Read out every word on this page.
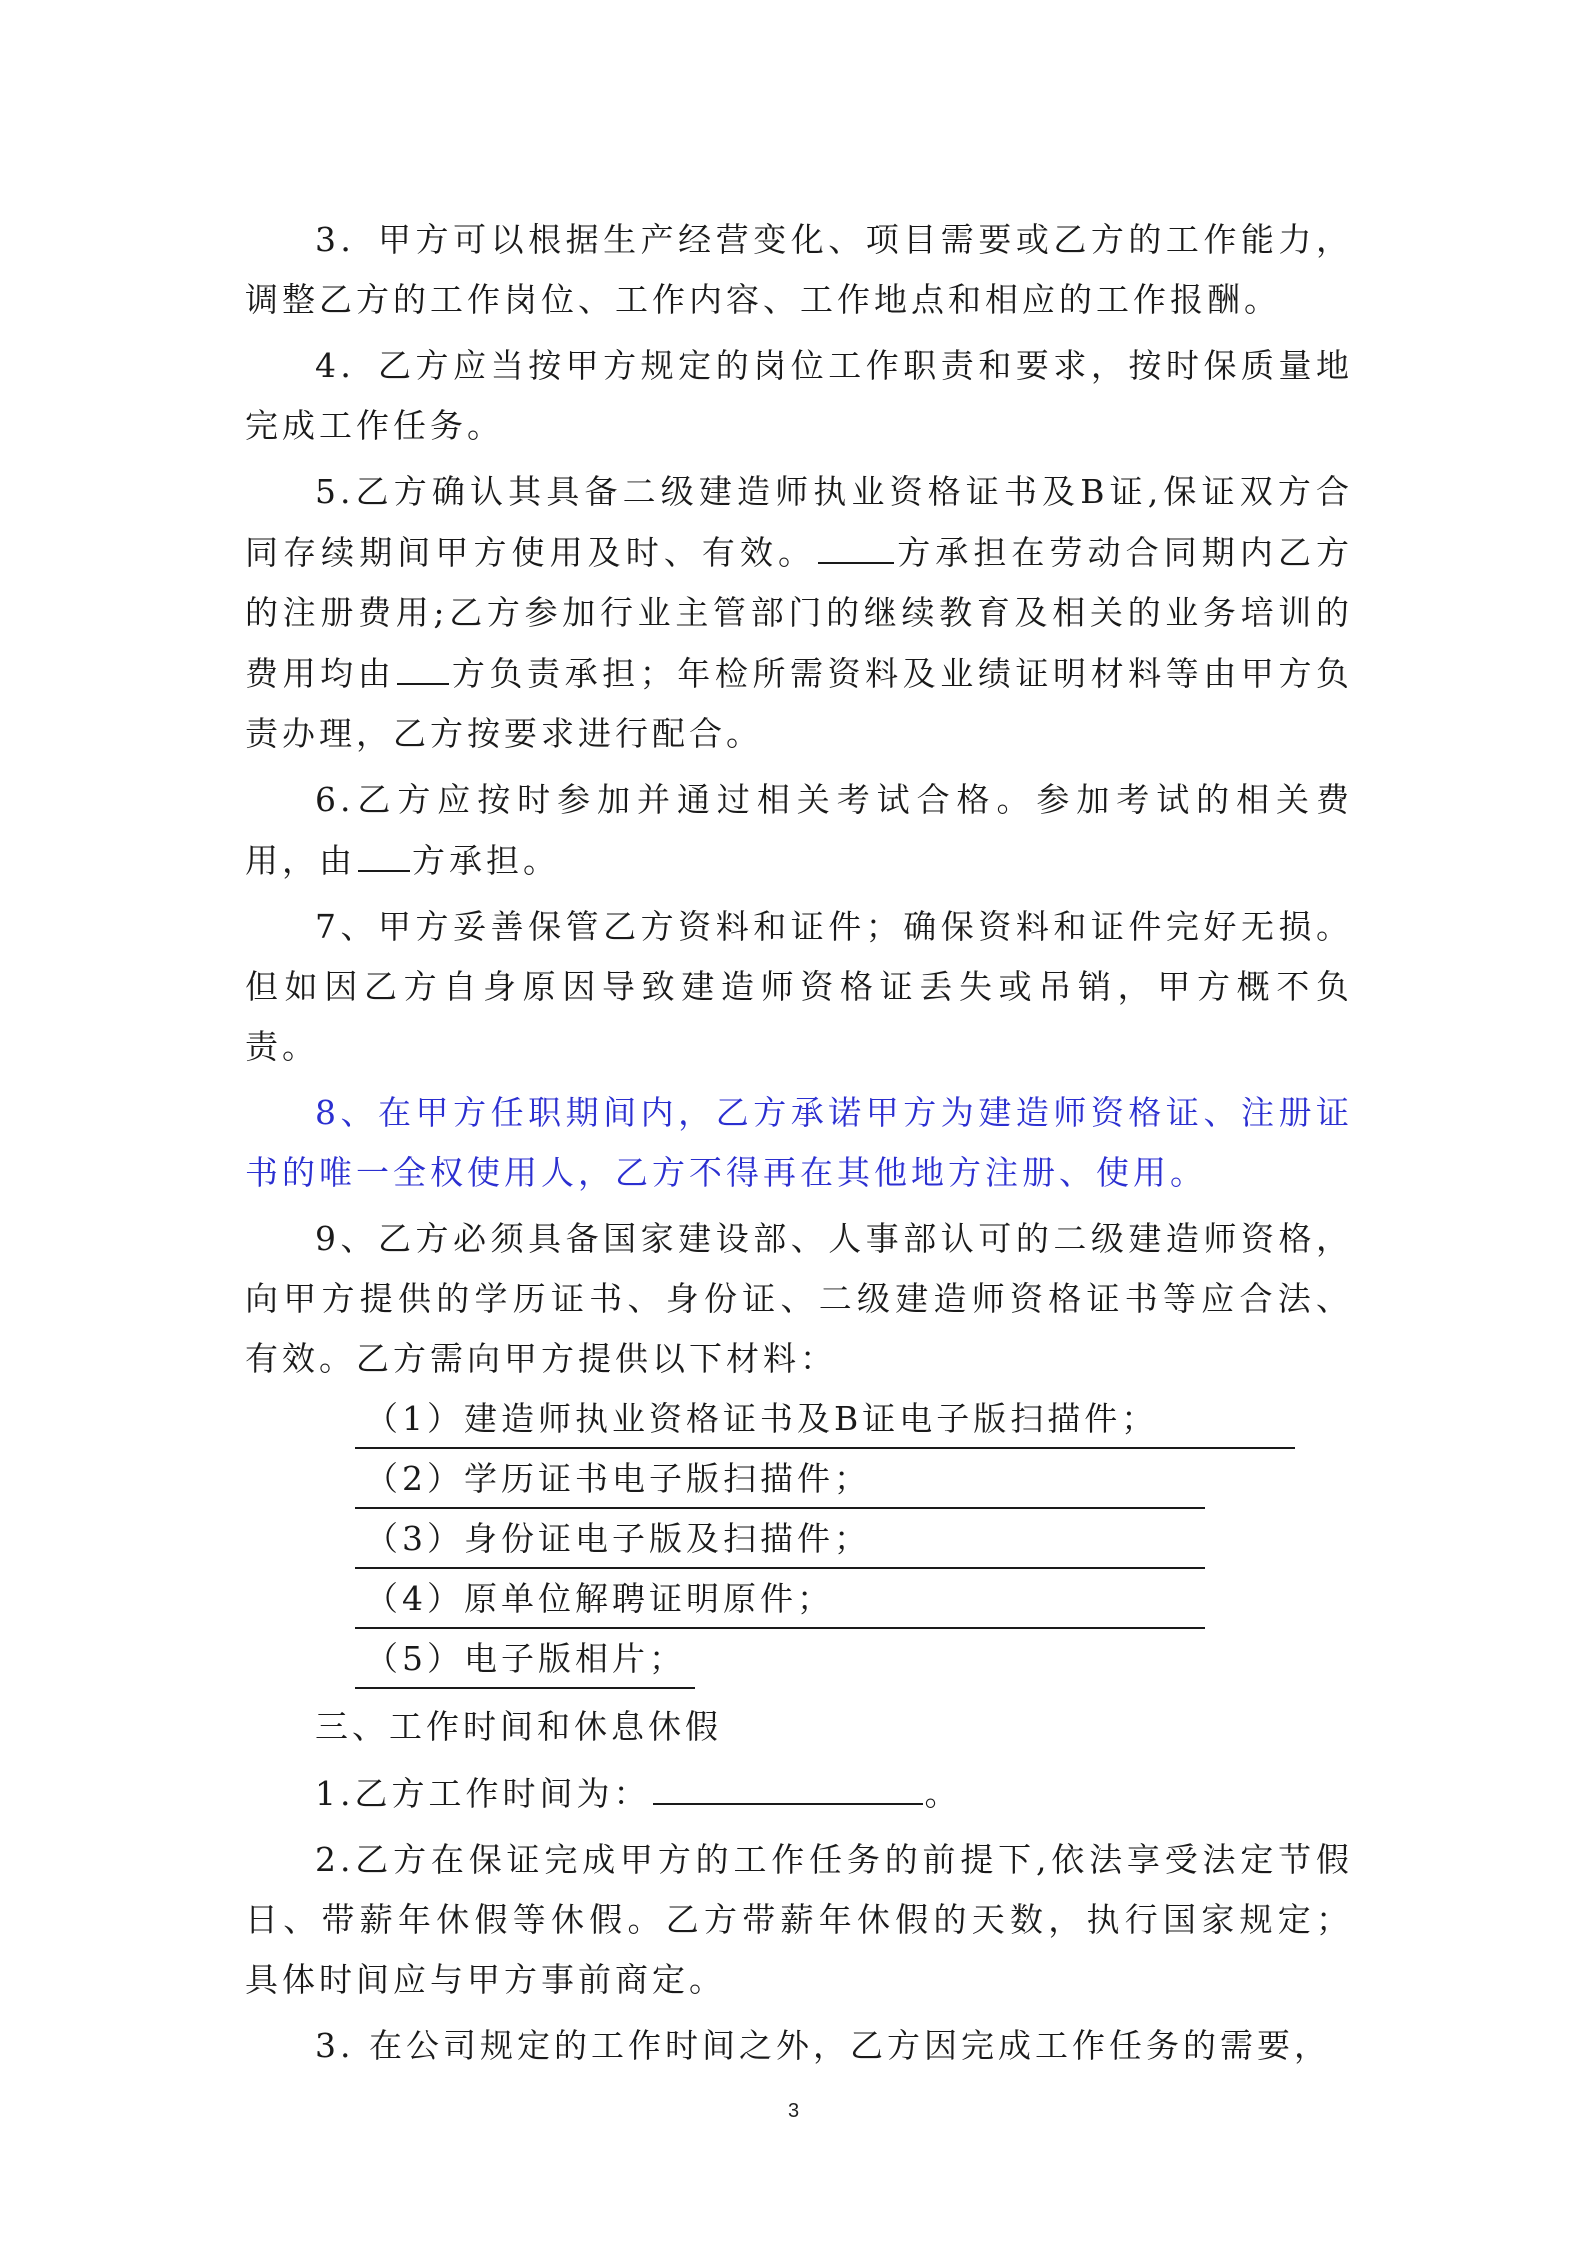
3．甲方可以根据生产经营变化、项目需要或乙方的工作能力，调整乙方的工作岗位、工作内容、工作地点和相应的工作报酬。

4．乙方应当按甲方规定的岗位工作职责和要求，按时保质量地完成工作任务。

5.乙方确认其具备二级建造师执业资格证书及B证,保证双方合同存续期间甲方使用及时、有效。 方承担在劳动合同期内乙方的注册费用;乙方参加行业主管部门的继续教育及相关的业务培训的费用均由 方负责承担；年检所需资料及业绩证明材料等由甲方负责办理，乙方按要求进行配合。

6.乙方应按时参加并通过相关考试合格。参加考试的相关费用，由 方承担。

7、甲方妥善保管乙方资料和证件；确保资料和证件完好无损。但如因乙方自身原因导致建造师资格证丢失或吊销，甲方概不负责。

8、在甲方任职期间内，乙方承诺甲方为建造师资格证、注册证书的唯一全权使用人，乙方不得再在其他地方注册、使用。

9、乙方必须具备国家建设部、人事部认可的二级建造师资格，向甲方提供的学历证书、身份证、二级建造师资格证书等应合法、有效。乙方需向甲方提供以下材料：

（1）建造师执业资格证书及B证电子版扫描件；
（2）学历证书电子版扫描件；
（3）身份证电子版及扫描件；
（4）原单位解聘证明原件；
（5）电子版相片；

三、工作时间和休息休假

1.乙方工作时间为：	。

2.乙方在保证完成甲方的工作任务的前提下,依法享受法定节假日、带薪年休假等休假。乙方带薪年休假的天数，执行国家规定；具体时间应与甲方事前商定。

3. 在公司规定的工作时间之外，乙方因完成工作任务的需要，

3
